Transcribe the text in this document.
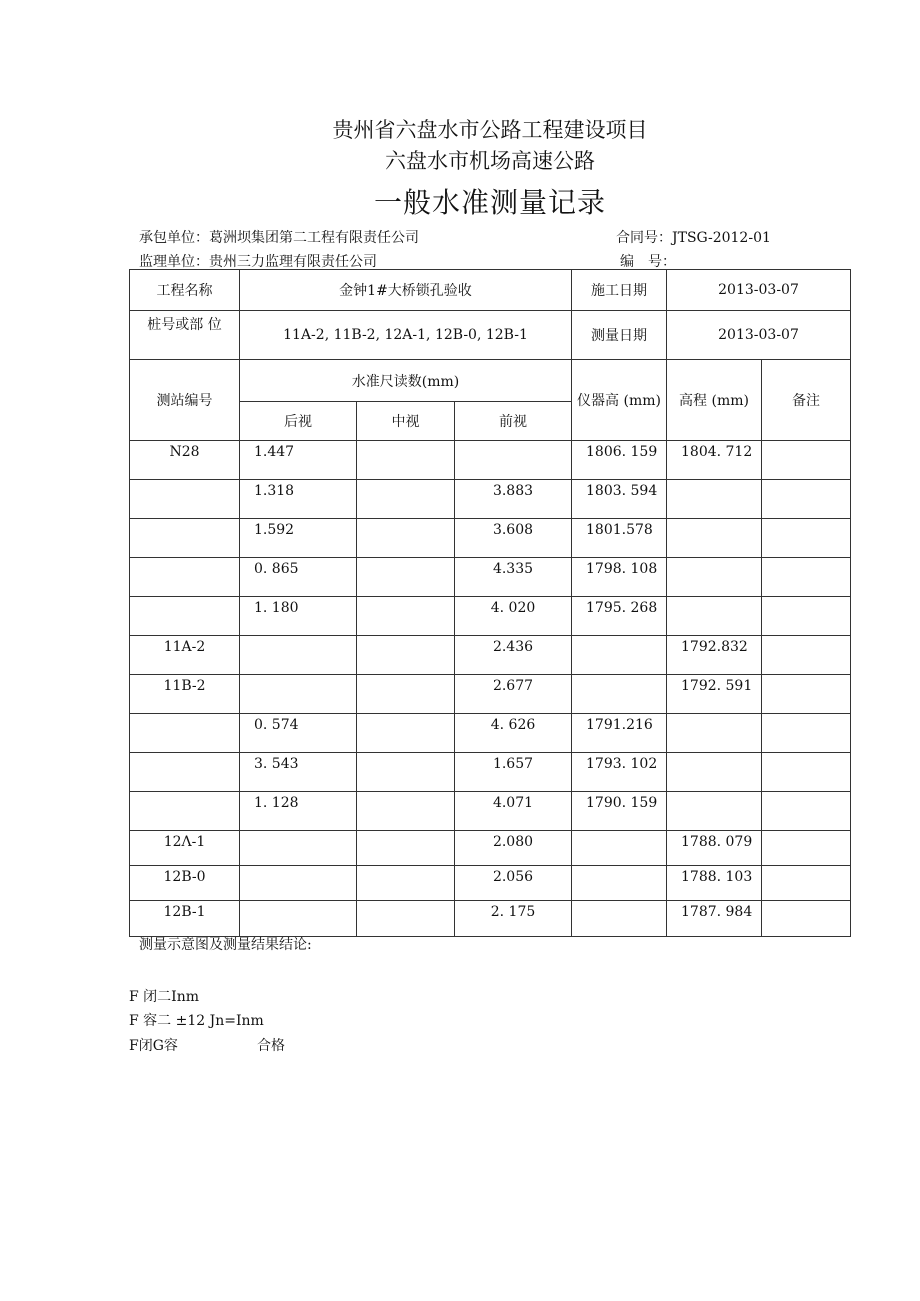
贵州省六盘水市公路工程建设项目
六盘水市机场高速公路
一般水准测量记录
承包单位：葛洲坝集团第二工程有限责任公司	合同号：JTSG-2012-01
监理单位：贵州三力监理有限责任公司	编　号：
工程名称	金钟1#大桥锁孔验收			施工日期	2013-03-07	
桩号或部 位	11A-2, 11B-2, 12A-1, 12B-0, 12B-1			测量日期	2013-03-07	
测站编号	水准尺读数(mm)			仪器高 (mm)	高程 (mm)	备注
	后视	中视	前视			
N28	1.447			1806. 159	1804. 712	
	1.318		3.883	1803. 594		
	1.592		3.608	1801.578		
	0. 865		4.335	1798. 108		
	1. 180		4. 020	1795. 268		
11A-2			2.436		1792.832	
11B-2			2.677		1792. 591	
	0. 574		4. 626	1791.216		
	3. 543		1.657	1793. 102		
	1. 128		4.071	1790. 159		
12Λ-1			2.080		1788. 079	
12B-0			2.056		1788. 103	
12B-1			2. 175		1787. 984	
测量示意图及测量结果结论:
F 闭二Inm
F 容二 ±12 Jn=Inm
F闭G容	合格
